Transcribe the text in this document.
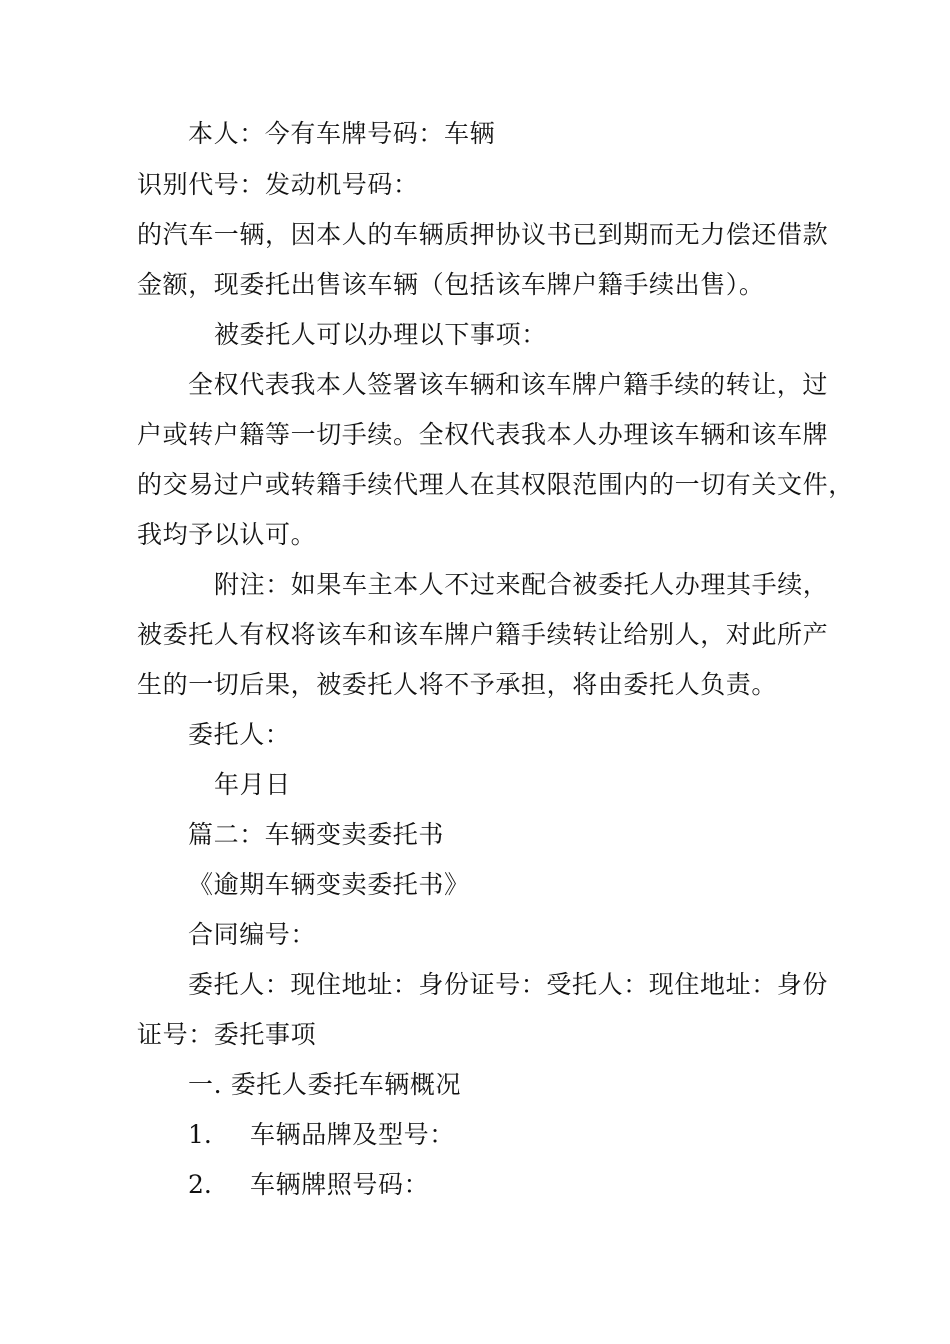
本人：今有车牌号码：车辆
识别代号：发动机号码：
的汽车一辆，因本人的车辆质押协议书已到期而无力偿还借款
金额，现委托出售该车辆（包括该车牌户籍手续出售）。
被委托人可以办理以下事项：
全权代表我本人签署该车辆和该车牌户籍手续的转让，过
户或转户籍等一切手续。全权代表我本人办理该车辆和该车牌
的交易过户或转籍手续代理人在其权限范围内的一切有关文件，
我均予以认可。
附注：如果车主本人不过来配合被委托人办理其手续，
被委托人有权将该车和该车牌户籍手续转让给别人，对此所产
生的一切后果，被委托人将不予承担，将由委托人负责。
委托人：
年月日
篇二：车辆变卖委托书
《逾期车辆变卖委托书》
合同编号：
委托人：现住地址：身份证号：受托人：现住地址：身份
证号：委托事项
一. 委托人委托车辆概况
1. 车辆品牌及型号：
2. 车辆牌照号码：
